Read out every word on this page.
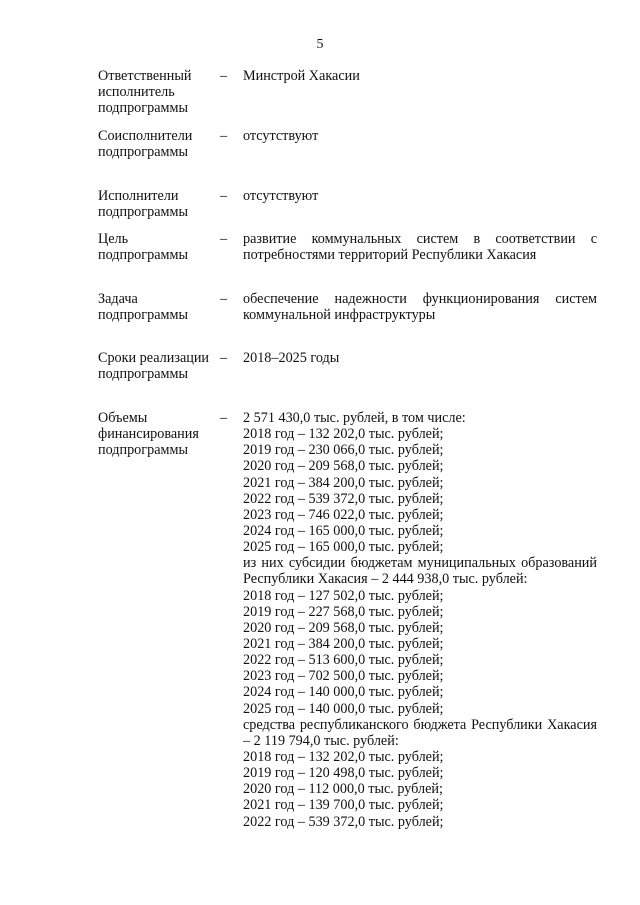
5
Ответственный исполнитель подпрограммы
–	Минстрой Хакасии
Соисполнители подпрограммы
–	отсутствуют
Исполнители подпрограммы
–	отсутствуют
Цель подпрограммы
–	развитие коммунальных систем в соответствии с потребностями территорий Республики Хакасия
Задача подпрограммы
–	обеспечение надежности функционирования систем коммунальной инфраструктуры
Сроки реализации подпрограммы
–	2018–2025 годы
Объемы финансирования подпрограммы
–	2 571 430,0 тыс. рублей, в том числе:
2018 год – 132 202,0 тыс. рублей;
2019 год – 230 066,0 тыс. рублей;
2020 год – 209 568,0 тыс. рублей;
2021 год – 384 200,0 тыс. рублей;
2022 год – 539 372,0 тыс. рублей;
2023 год – 746 022,0 тыс. рублей;
2024 год – 165 000,0 тыс. рублей;
2025 год – 165 000,0 тыс. рублей;
из них субсидии бюджетам муниципальных образований
Республики Хакасия – 2 444 938,0 тыс. рублей:
2018 год – 127 502,0 тыс. рублей;
2019 год – 227 568,0 тыс. рублей;
2020 год – 209 568,0 тыс. рублей;
2021 год – 384 200,0 тыс. рублей;
2022 год – 513 600,0 тыс. рублей;
2023 год – 702 500,0 тыс. рублей;
2024 год – 140 000,0 тыс. рублей;
2025 год – 140 000,0 тыс. рублей;
средства республиканского бюджета Республики Хакасия
– 2 119 794,0 тыс. рублей:
2018 год – 132 202,0 тыс. рублей;
2019 год – 120 498,0 тыс. рублей;
2020 год – 112 000,0 тыс. рублей;
2021 год – 139 700,0 тыс. рублей;
2022 год – 539 372,0 тыс. рублей;
